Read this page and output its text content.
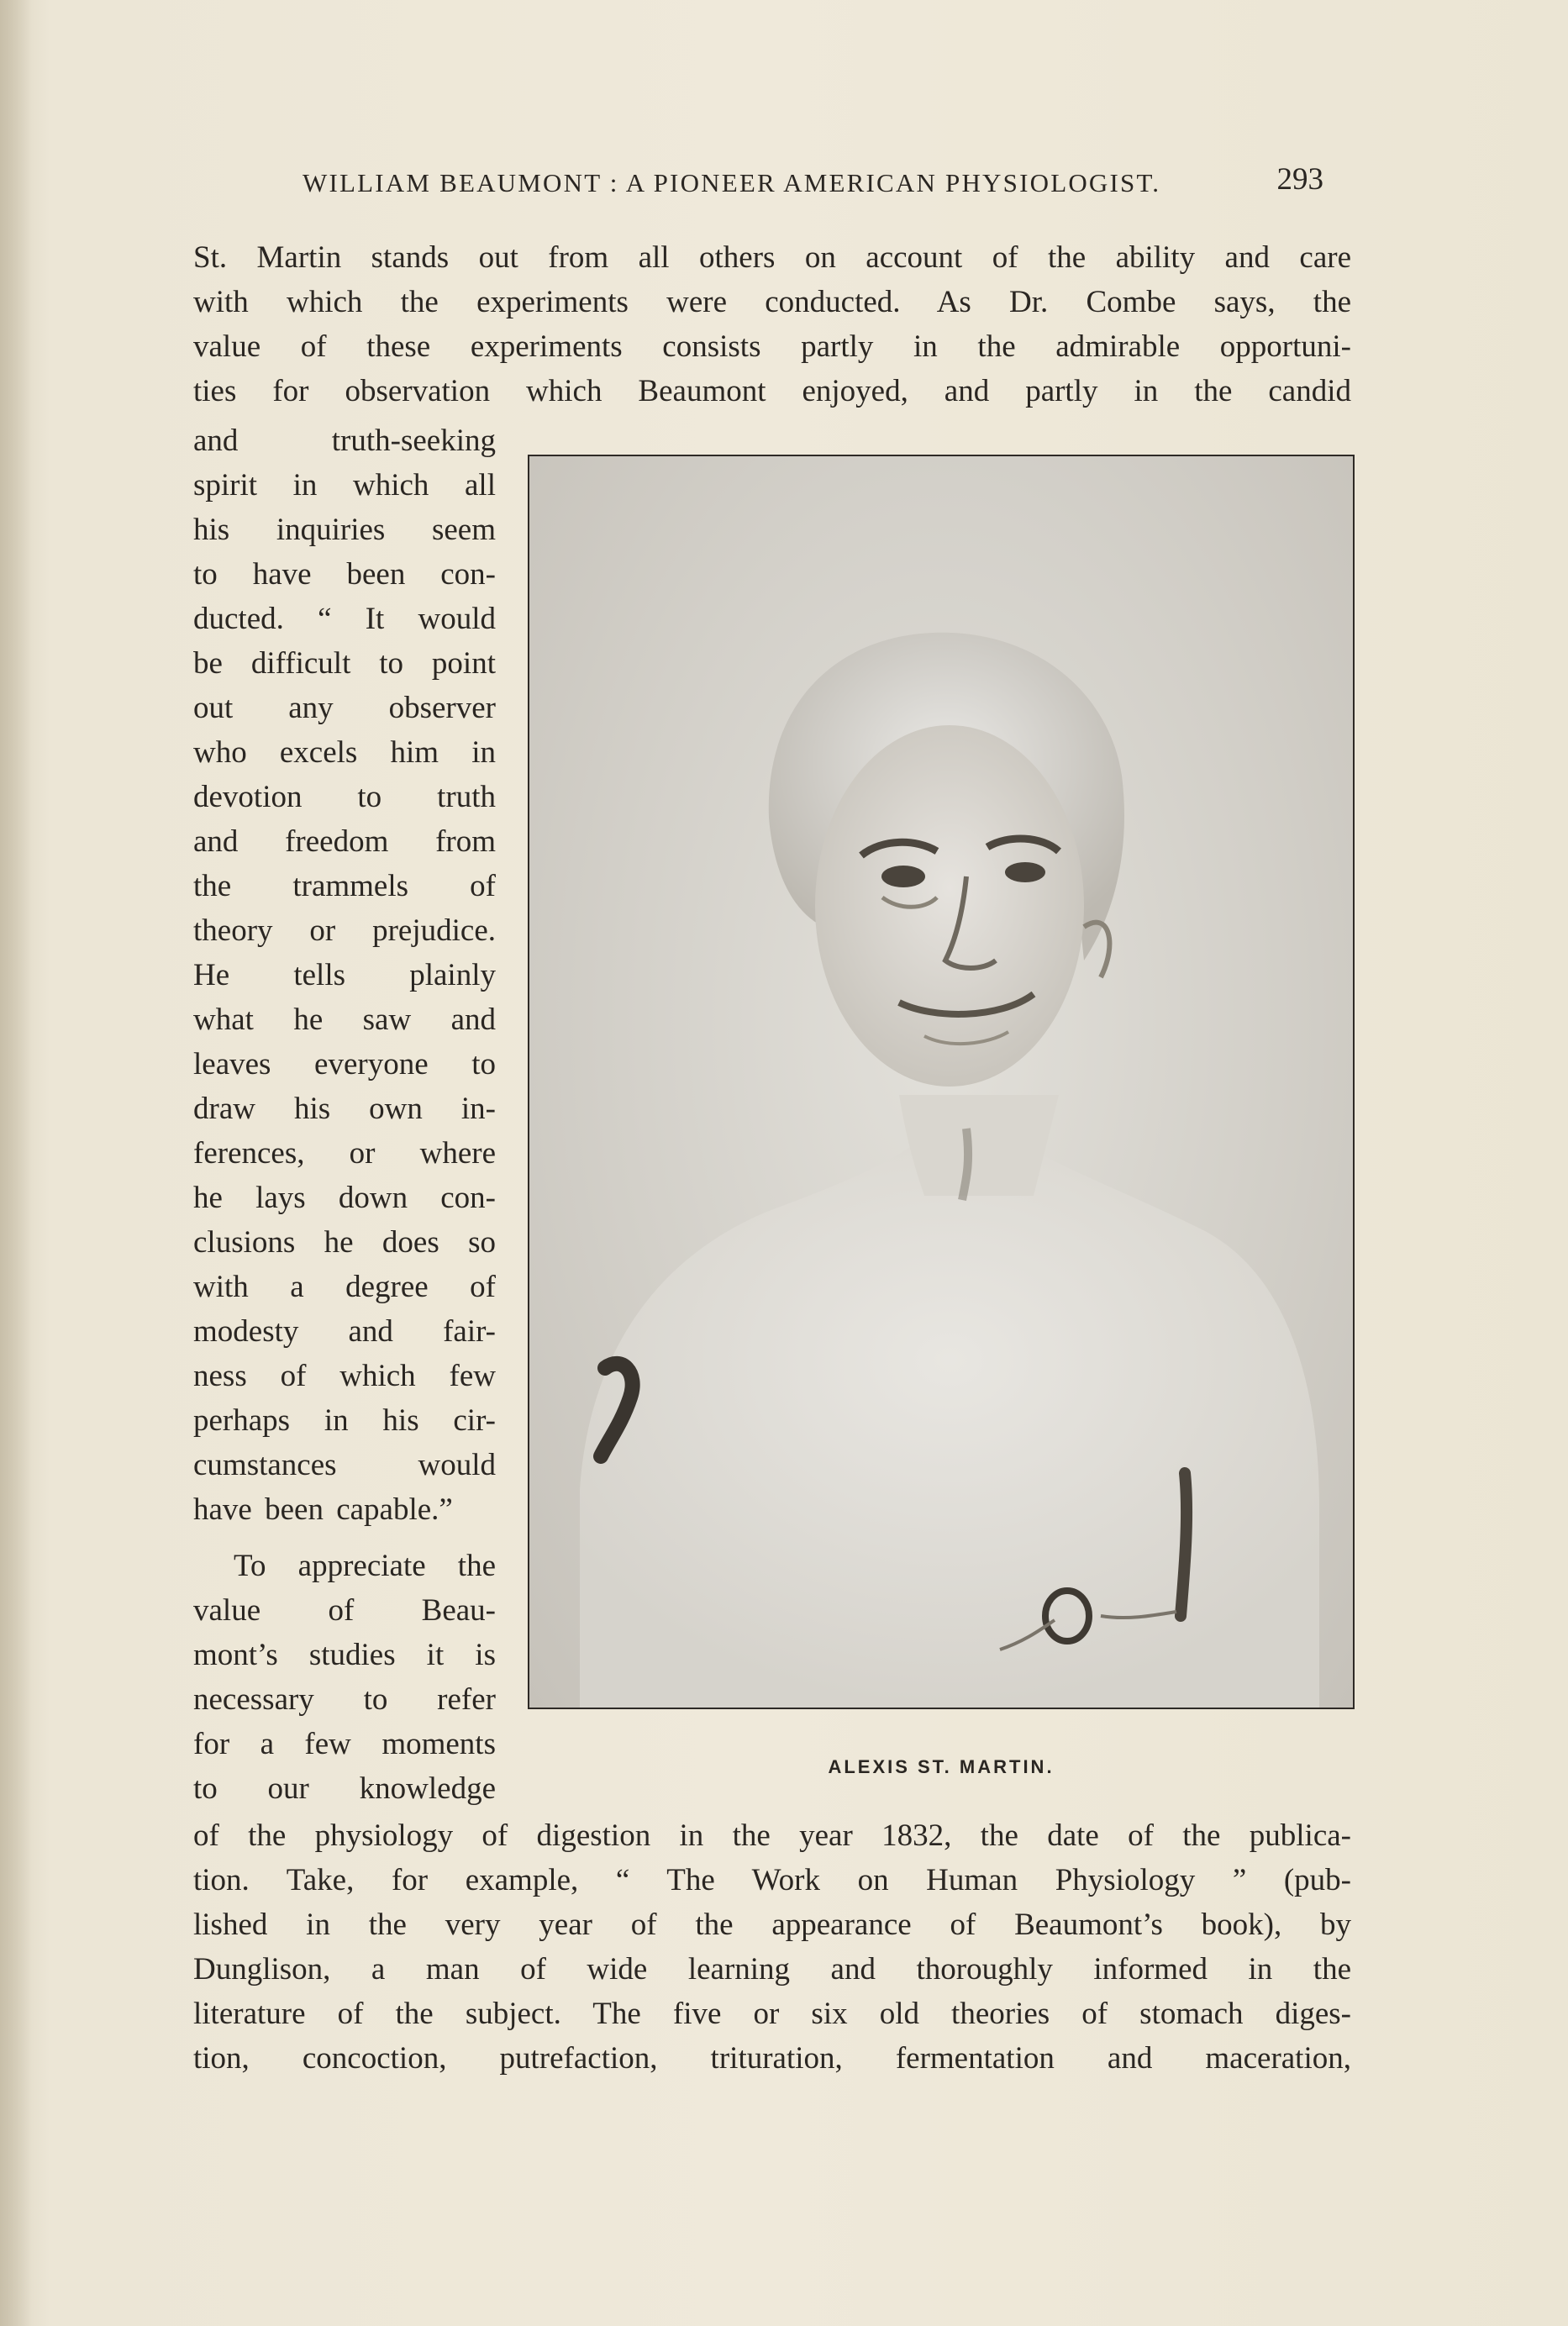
WILLIAM BEAUMONT : A PIONEER AMERICAN PHYSIOLOGIST.	293
St. Martin stands out from all others on account of the ability and care
with which the experiments were conducted. As Dr. Combe says, the
value of these experiments consists partly in the admirable opportuni-
ties for observation which Beaumont enjoyed, and partly in the candid
and truth-seeking
spirit in which all
his inquiries seem
to have been con-
ducted. “ It would
be difficult to point
out any observer
who excels him in
devotion to truth
and freedom from
the trammels of
theory or prejudice.
He tells plainly
what he saw and
leaves everyone to
draw his own in-
ferences, or where
he lays down con-
clusions he does so
with a degree of
modesty and fair-
ness of which few
perhaps in his cir-
cumstances would
have been capable.”
To appreciate the
value of Beau-
mont’s studies it is
necessary to refer
for a few moments
to our knowledge
ALEXIS ST. MARTIN.
of the physiology of digestion in the year 1832, the date of the publica-
tion. Take, for example, “ The Work on Human Physiology ” (pub-
lished in the very year of the appearance of Beaumont’s book), by
Dunglison, a man of wide learning and thoroughly informed in the
literature of the subject. The five or six old theories of stomach diges-
tion, concoction, putrefaction, trituration, fermentation and maceration,
